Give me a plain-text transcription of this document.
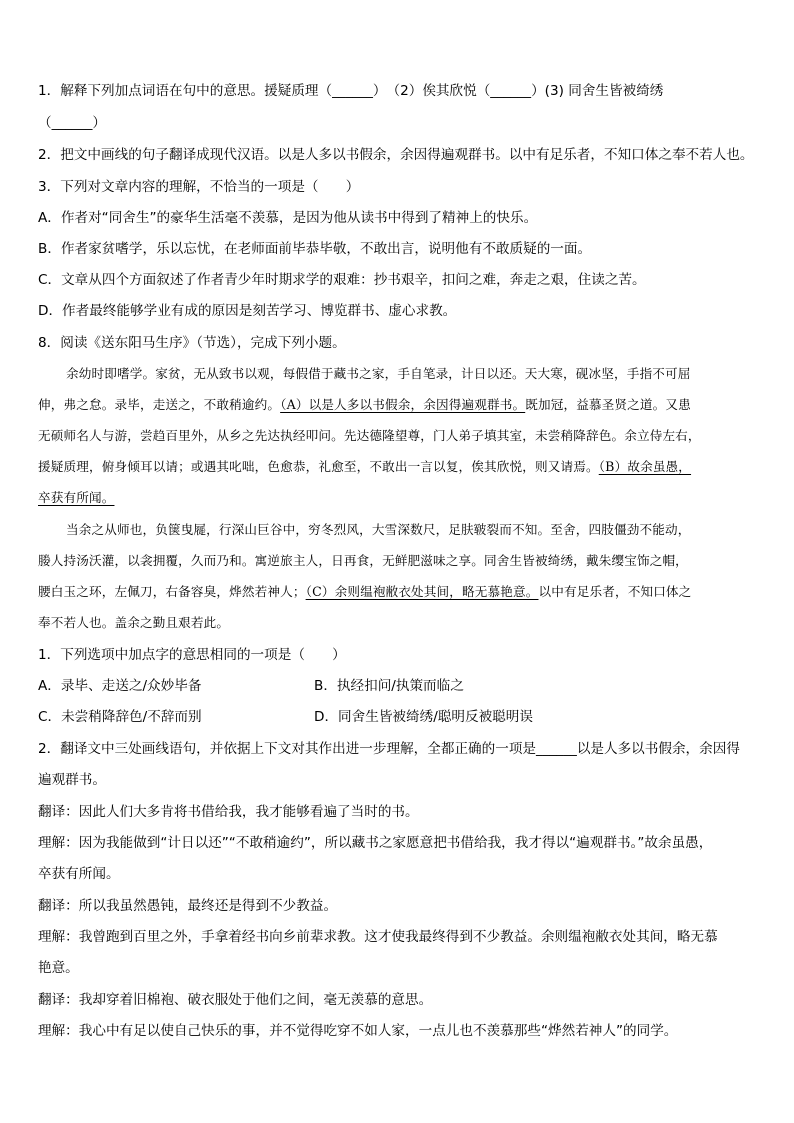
1．解释下列加点词语在句中的意思。援疑质理（______）　（2）俟其欣悦（______）(3) 同舍生皆被绮绣
（______）
2．把文中画线的句子翻译成现代汉语。以是人多以书假余，余因得遍观群书。以中有足乐者，不知口体之奉不若人也。
3．下列对文章内容的理解，不恰当的一项是（　　）
A．作者对“同舍生”的豪华生活毫不羡慕，是因为他从读书中得到了精神上的快乐。
B．作者家贫嗜学，乐以忘忧，在老师面前毕恭毕敬，不敢出言，说明他有不敢质疑的一面。
C．文章从四个方面叙述了作者青少年时期求学的艰难：抄书艰辛，扣问之难，奔走之艰，住读之苦。
D．作者最终能够学业有成的原因是刻苦学习、博览群书、虚心求教。
8．阅读《送东阳马生序》（节选），完成下列小题。
余幼时即嗜学。家贫，无从致书以观，每假借于藏书之家，手自笔录，计日以还。天大寒，砚冰坚，手指不可屈
伸，弗之怠。录毕，走送之，不敢稍逾约。（A）以是人多以书假余，余因得遍观群书。既加冠，益慕圣贤之道。又患
无硕师名人与游，尝趋百里外，从乡之先达执经叩问。先达德隆望尊，门人弟子填其室，未尝稍降辞色。余立侍左右，
援疑质理，俯身倾耳以请；或遇其叱咄，色愈恭，礼愈至，不敢出一言以复，俟其欣悦，则又请焉。（B）故余虽愚，
卒获有所闻。
当余之从师也，负箧曳屣，行深山巨谷中，穷冬烈风，大雪深数尺，足肤皲裂而不知。至舍，四肢僵劲不能动，
媵人持汤沃灌，以衾拥覆，久而乃和。寓逆旅主人，日再食，无鲜肥滋味之享。同舍生皆被绮绣，戴朱缨宝饰之帽，
腰白玉之环，左佩刀，右备容臭，烨然若神人；（C）余则缊袍敝衣处其间，略无慕艳意。以中有足乐者，不知口体之
奉不若人也。盖余之勤且艰若此。
1．下列选项中加点字的意思相同的一项是（　　）
A．录毕、走送之/众妙毕备	B．执经扣问/执策而临之
C．未尝稍降辞色/不辞而别	D．同舍生皆被绮绣/聪明反被聪明误
2．翻译文中三处画线语句，并依据上下文对其作出进一步理解，全都正确的一项是______以是人多以书假余，余因得
遍观群书。
翻译：因此人们大多肯将书借给我，我才能够看遍了当时的书。
理解：因为我能做到“计日以还”“不敢稍逾约”，所以藏书之家愿意把书借给我，我才得以“遍观群书。”故余虽愚，
卒获有所闻。
翻译：所以我虽然愚钝，最终还是得到不少教益。
理解：我曾跑到百里之外，手拿着经书向乡前辈求教。这才使我最终得到不少教益。余则缊袍敝衣处其间，略无慕
艳意。
翻译：我却穿着旧棉袍、破衣服处于他们之间，毫无羡慕的意思。
理解：我心中有足以使自己快乐的事，并不觉得吃穿不如人家，一点儿也不羡慕那些“烨然若神人”的同学。
